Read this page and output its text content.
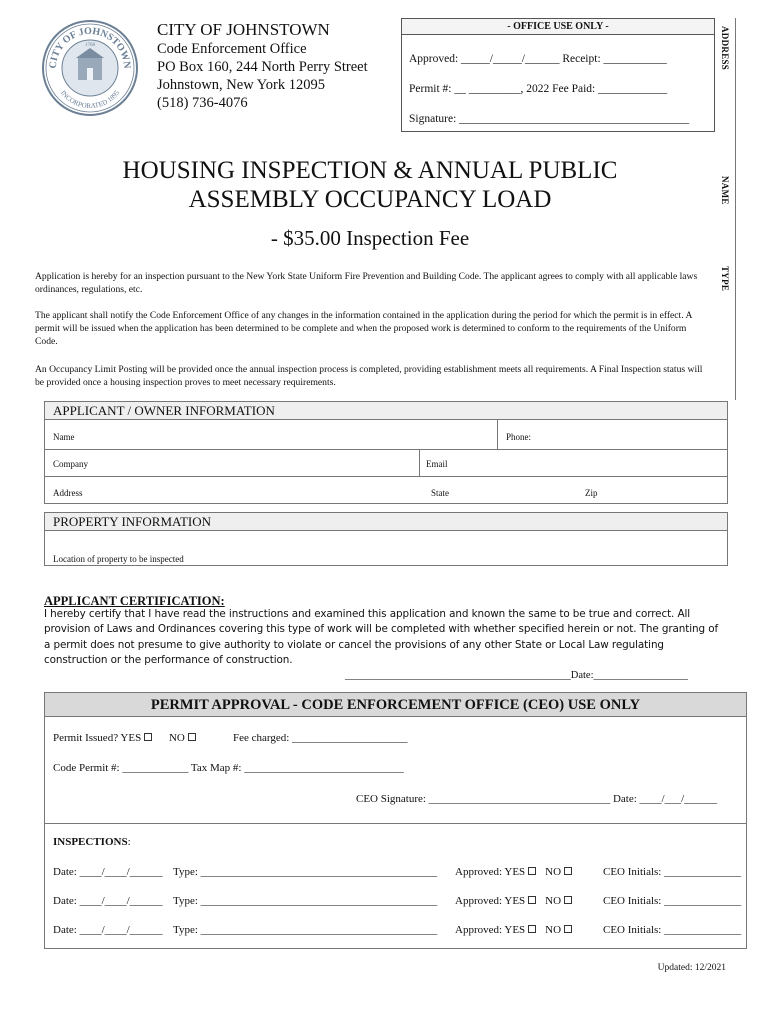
CITY OF JOHNSTOWN
INCORPORATED 1895
1768
CITY OF JOHNSTOWN
Code Enforcement Office
PO Box 160, 244 North Perry Street
Johnstown, New York 12095
(518) 736-4076
- OFFICE USE ONLY -
Approved: _____/_____/______ Receipt: ___________
Permit #: __ _________, 2022 Fee Paid: ____________
Signature: ________________________________________
ADDRESS
NAME
TYPE
HOUSING INSPECTION & ANNUAL PUBLIC
ASSEMBLY OCCUPANCY LOAD
- $35.00 Inspection Fee
Application is hereby for an inspection pursuant to the New York State Uniform Fire Prevention and Building Code. The applicant agrees to comply with all applicable laws ordinances, regulations, etc.
The applicant shall notify the Code Enforcement Office of any changes in the information contained in the application during the period for which the permit is in effect. A permit will be issued when the application has been determined to be complete and when the proposed work is determined to conform to the requirements of the Uniform Code.
An Occupancy Limit Posting will be provided once the annual inspection process is completed, providing establishment meets all requirements. A Final Inspection status will be provided once a housing inspection proves to meet necessary requirements.
APPLICANT / OWNER INFORMATION
Name	Phone:
Company	Email
Address	State	Zip
PROPERTY INFORMATION
Location of property to be inspected
APPLICANT CERTIFICATION:
I hereby certify that I have read the instructions and examined this application and known the same to be true and correct. All provision of Laws and Ordinances covering this type of work will be completed with whether specified herein or not. The granting of a permit does not presume to give authority to violate or cancel the provisions of any other State or Local Law regulating construction or the performance of construction.
___________________________________________Date:__________________
PERMIT APPROVAL - CODE ENFORCEMENT OFFICE (CEO) USE ONLY
Permit Issued? YES	NO	Fee charged: _____________________
Code Permit #: ____________ Tax Map #: _____________________________
CEO Signature: _________________________________ Date: ____/___/______
INSPECTIONS:
Date: ____/____/______ Type: ___________________________________________ Approved: YES NO	CEO Initials: ______________
Date: ____/____/______ Type: ___________________________________________ Approved: YES NO	CEO Initials: ______________
Date: ____/____/______ Type: ___________________________________________ Approved: YES NO	CEO Initials: ______________
Updated: 12/2021
